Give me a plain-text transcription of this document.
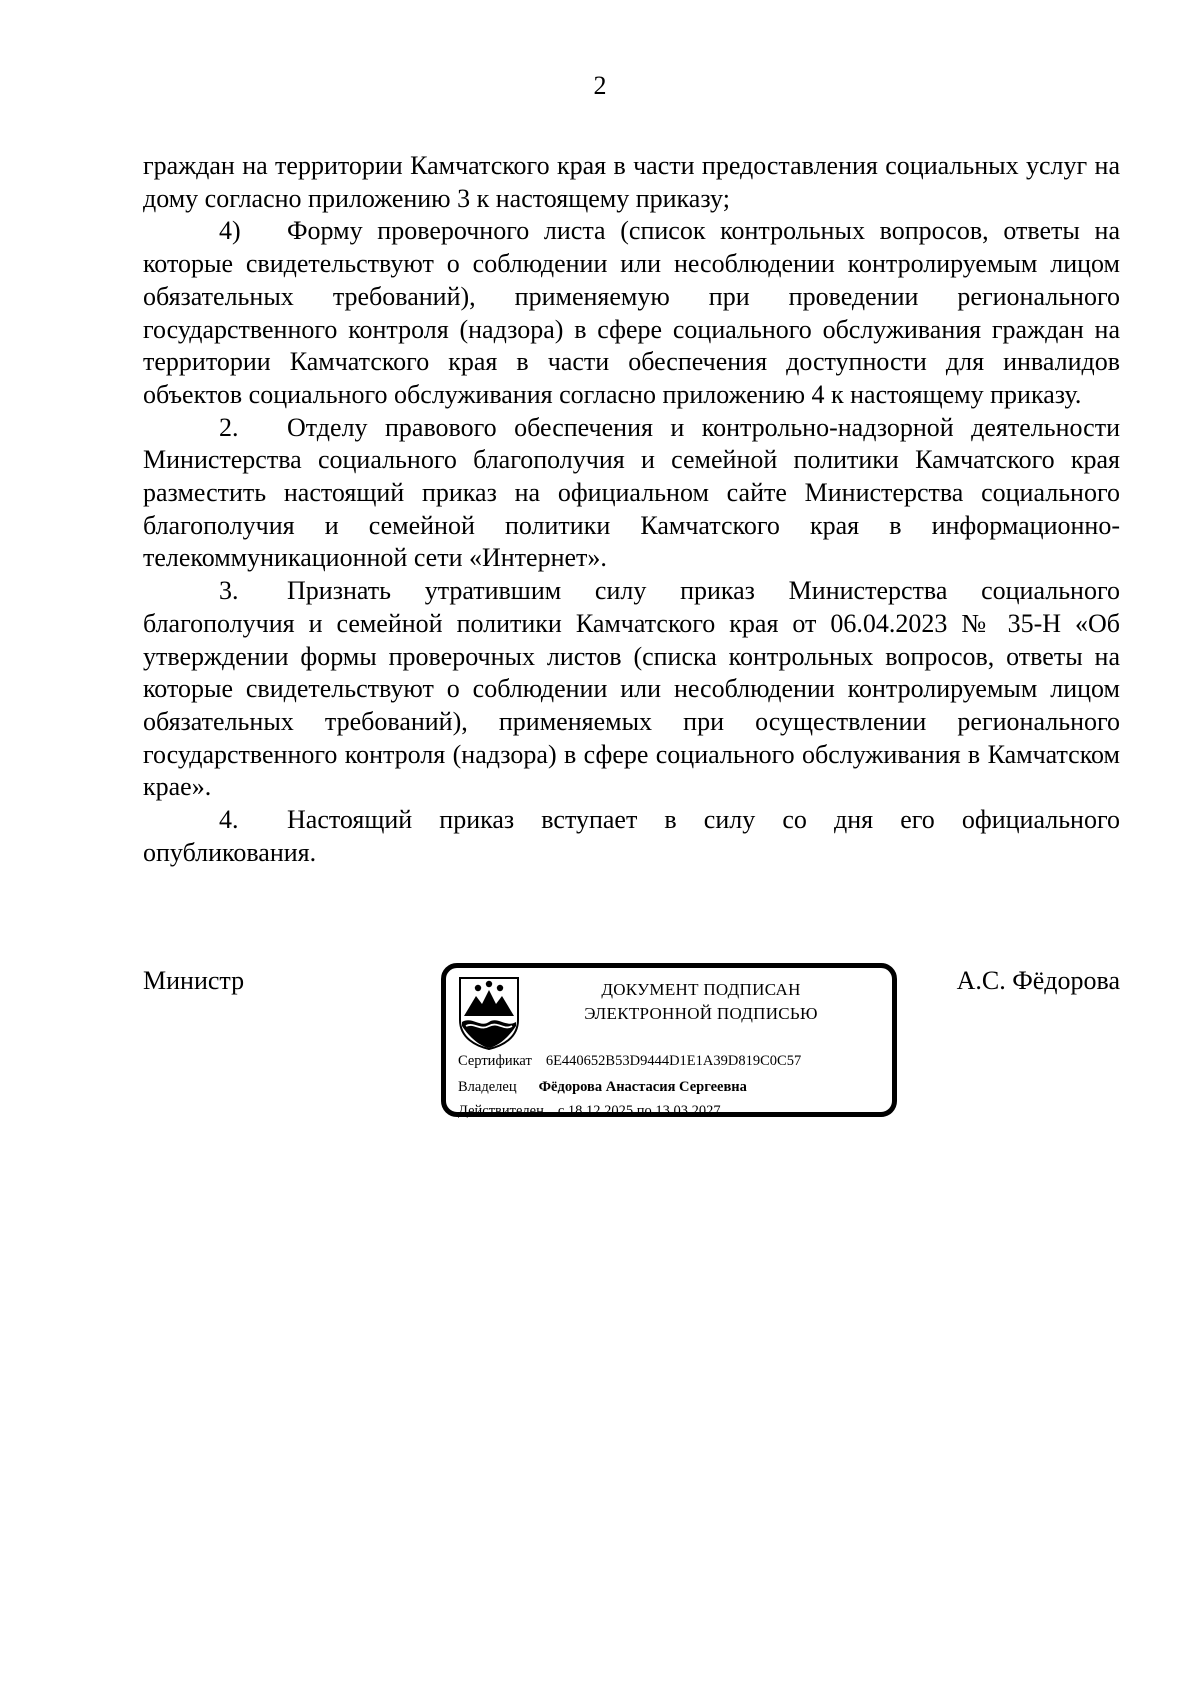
2

граждан на территории Камчатского края в части предоставления социальных услуг на дому согласно приложению 3 к настоящему приказу;

4) Форму проверочного листа (список контрольных вопросов, ответы на которые свидетельствуют о соблюдении или несоблюдении контролируемым лицом обязательных требований), применяемую при проведении регионального государственного контроля (надзора) в сфере социального обслуживания граждан на территории Камчатского края в части обеспечения доступности для инвалидов объектов социального обслуживания согласно приложению 4 к настоящему приказу.

2. Отделу правового обеспечения и контрольно-надзорной деятельности Министерства социального благополучия и семейной политики Камчатского края разместить настоящий приказ на официальном сайте Министерства социального благополучия и семейной политики Камчатского края в информационно-телекоммуникационной сети «Интернет».

3. Признать утратившим силу приказ Министерства социального благополучия и семейной политики Камчатского края от 06.04.2023 № 35-Н «Об утверждении формы проверочных листов (списка контрольных вопросов, ответы на которые свидетельствуют о соблюдении или несоблюдении контролируемым лицом обязательных требований), применяемых при осуществлении регионального государственного контроля (надзора) в сфере социального обслуживания в Камчатском крае».

4. Настоящий приказ вступает в силу со дня его официального опубликования.

Министр	ДОКУМЕНТ ПОДПИСАН
ЭЛЕКТРОННОЙ ПОДПИСЬЮ
Сертификат 6E440652B53D9444D1E1A39D819C0C57
Владелец Фёдорова Анастасия Сергеевна
Действителен с 18.12.2025 по 13.03.2027
А.С. Фёдорова
